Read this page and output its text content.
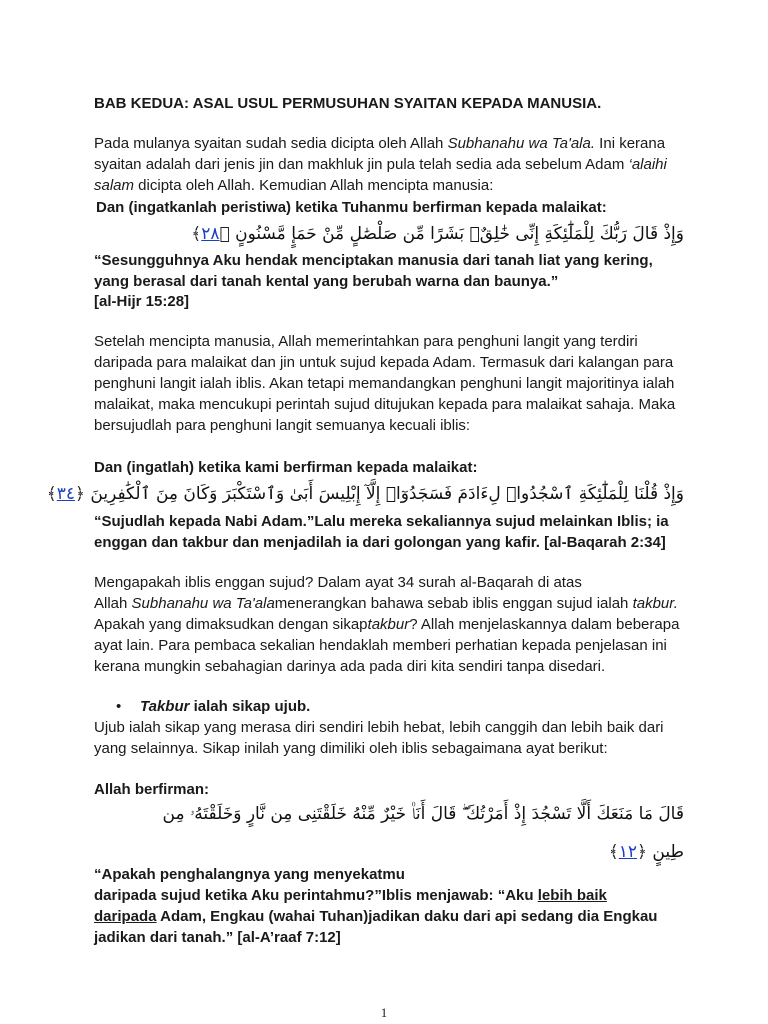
BAB KEDUA: ASAL USUL PERMUSUHAN SYAITAN KEPADA MANUSIA.
Pada mulanya syaitan sudah sedia dicipta oleh Allah Subhanahu wa Ta'ala. Ini kerana
syaitan adalah dari jenis jin dan makhluk jin pula telah sedia ada sebelum Adam ‘alaihi
salam dicipta oleh Allah. Kemudian Allah mencipta manusia:
Dan (ingatkanlah peristiwa) ketika Tuhanmu berfirman kepada malaikat:
وَإِذْ قَالَ رَبُّكَ لِلْمَلَٰٓئِكَةِ إِنِّى خَٰلِقٌۢ بَشَرًا مِّن صَلْصَٰلٍ مِّنْ حَمَإٍ مَّسْنُونٍ ﴿٢٨﴾
“Sesungguhnya Aku hendak menciptakan manusia dari tanah liat yang kering,
yang berasal dari tanah kental yang berubah warna dan baunya.”
[al-Hijr 15:28]
Setelah mencipta manusia, Allah memerintahkan para penghuni langit yang terdiri
daripada para malaikat dan jin untuk sujud kepada Adam. Termasuk dari kalangan para
penghuni langit ialah iblis. Akan tetapi memandangkan penghuni langit majoritinya ialah
malaikat, maka mencukupi perintah sujud ditujukan kepada para malaikat sahaja. Maka
bersujudlah para penghuni langit semuanya kecuali iblis:
Dan (ingatlah) ketika kami berfirman kepada malaikat:
وَإِذْ قُلْنَا لِلْمَلَٰٓئِكَةِ ٱسْجُدُوا۟ لِءَادَمَ فَسَجَدُوٓا۟ إِلَّآ إِبْلِيسَ أَبَىٰ وَٱسْتَكْبَرَ وَكَانَ مِنَ ٱلْكَٰفِرِينَ ﴿٣٤﴾
“Sujudlah kepada Nabi Adam.”Lalu mereka sekaliannya sujud melainkan Iblis; ia
enggan dan takbur dan menjadilah ia dari golongan yang kafir. [al-Baqarah 2:34]
Mengapakah iblis enggan sujud? Dalam ayat 34 surah al-Baqarah di atas
Allah Subhanahu wa Ta'alamenerangkan bahawa sebab iblis enggan sujud ialah takbur.
Apakah yang dimaksudkan dengan sikaptakbur? Allah menjelaskannya dalam beberapa
ayat lain. Para pembaca sekalian hendaklah memberi perhatian kepada penjelasan ini
kerana mungkin sebahagian darinya ada pada diri kita sendiri tanpa disedari.
• Takbur ialah sikap ujub.
Ujub ialah sikap yang merasa diri sendiri lebih hebat, lebih canggih dan lebih baik dari
yang selainnya. Sikap inilah yang dimiliki oleh iblis sebagaimana ayat berikut:
Allah berfirman:
قَالَ مَا مَنَعَكَ أَلَّا تَسْجُدَ إِذْ أَمَرْتُكَ ۖ قَالَ أَنَا۠ خَيْرٌ مِّنْهُ خَلَقْتَنِى مِن نَّارٍ وَخَلَقْتَهُۥ مِن
طِينٍ ﴿١٢﴾
“Apakah penghalangnya yang menyekatmu
daripada sujud ketika Aku perintahmu?”Iblis menjawab: “Aku lebih baik
daripada Adam, Engkau (wahai Tuhan)jadikan daku dari api sedang dia Engkau
jadikan dari tanah.” [al-A’raaf 7:12]
1
